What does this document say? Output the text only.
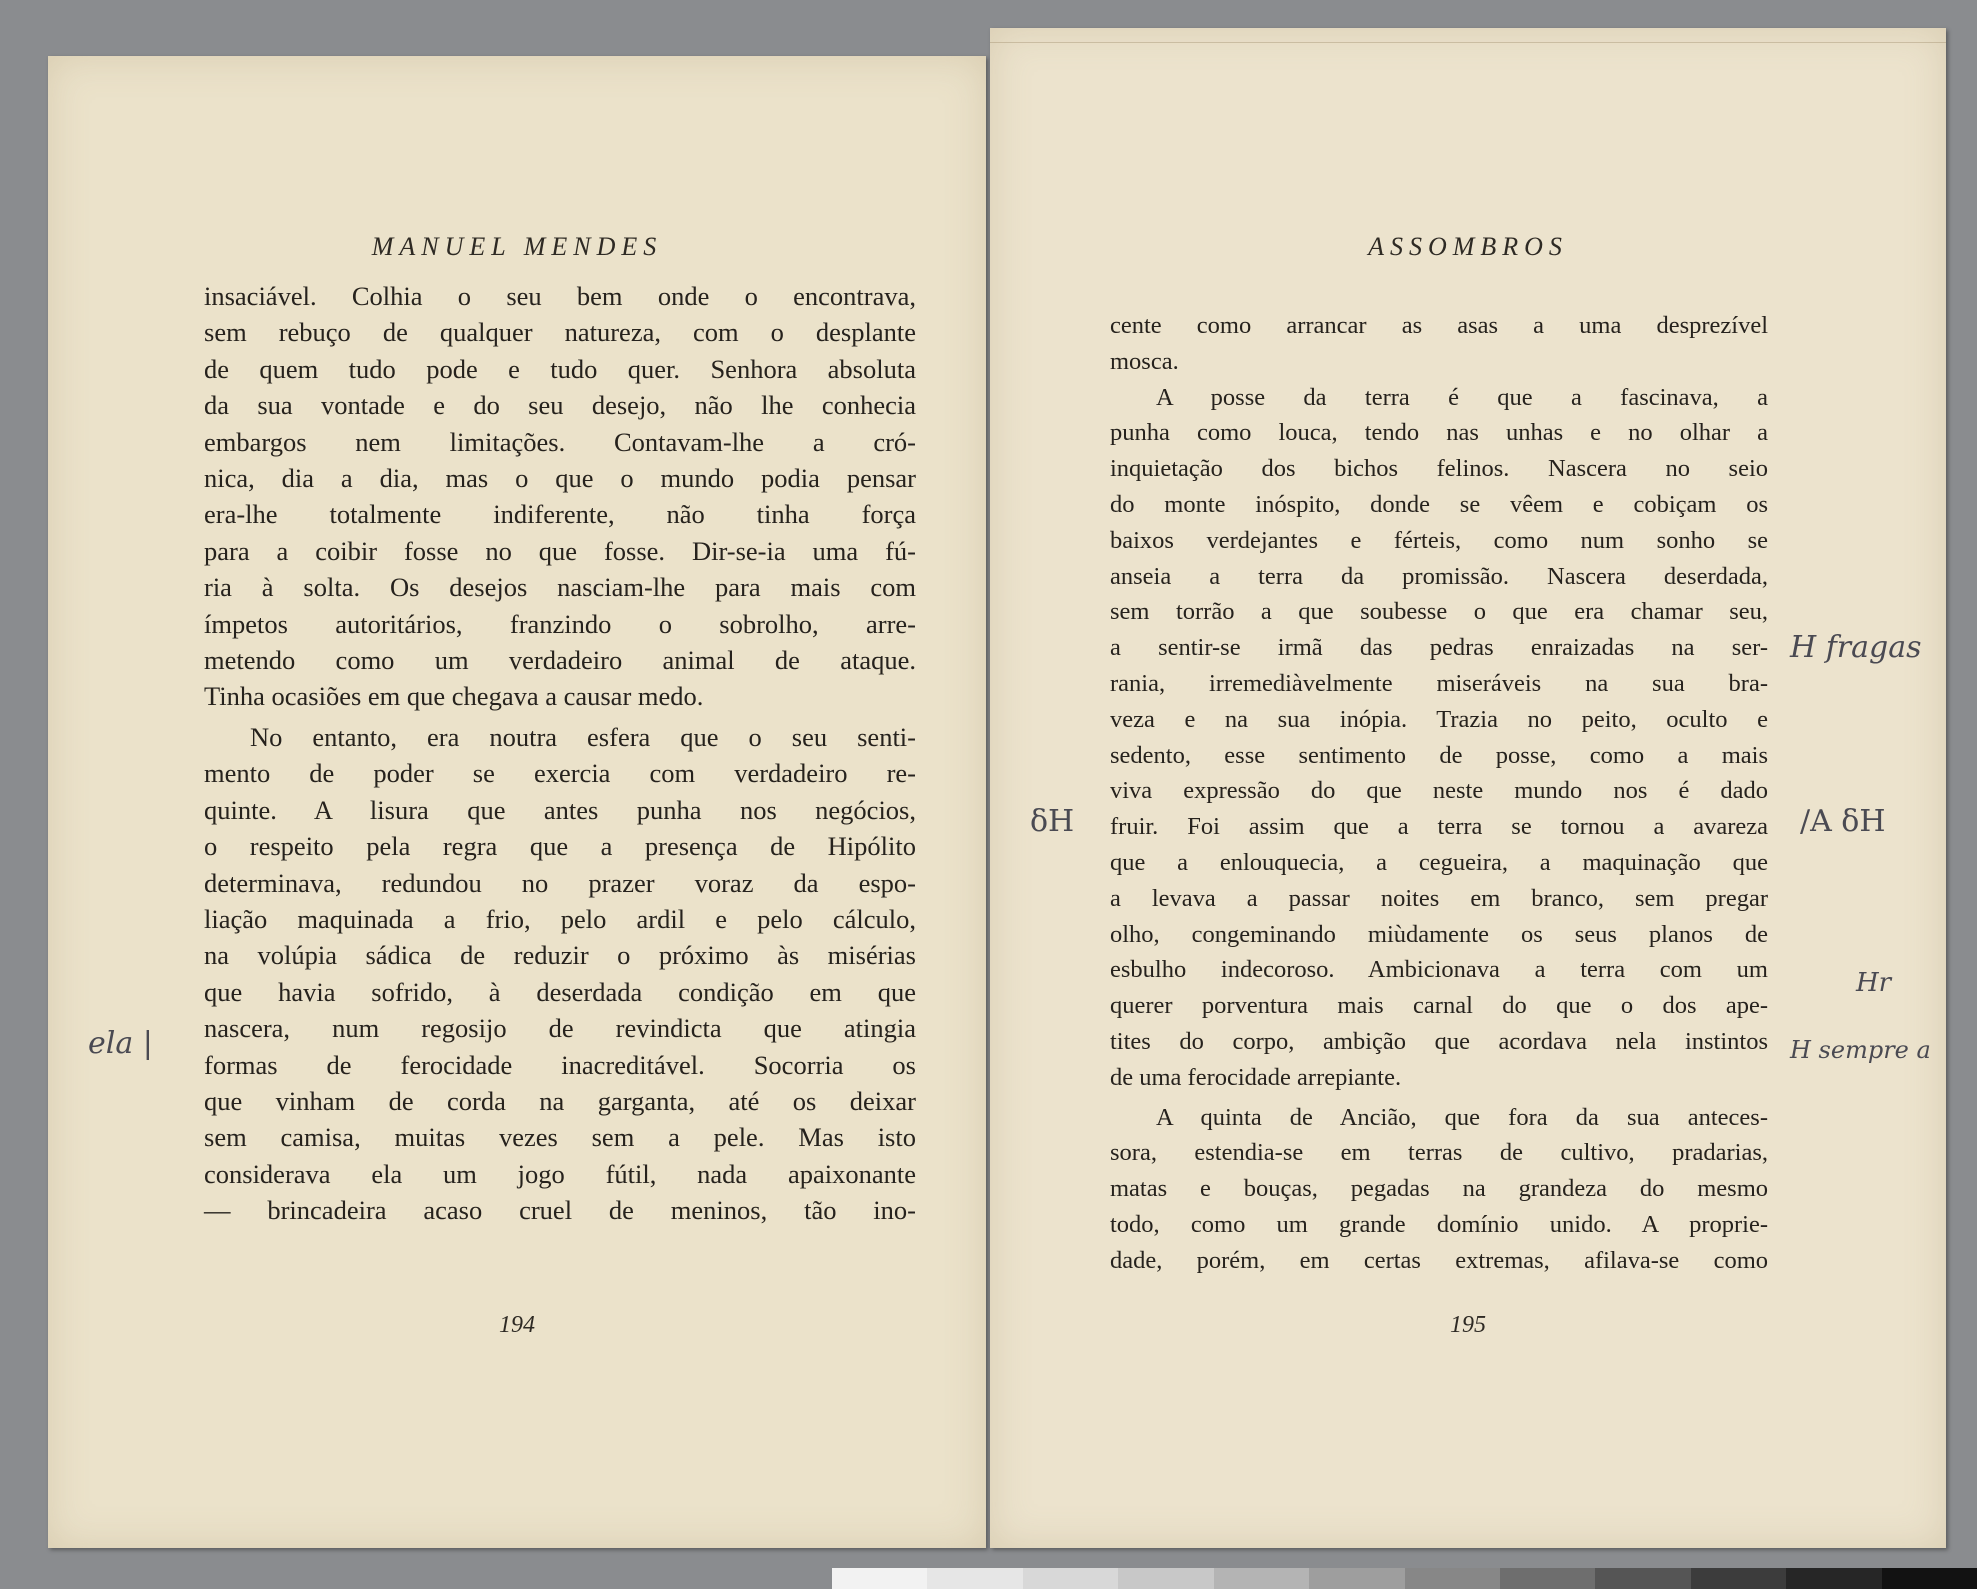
MANUEL MENDES

insaciável. Colhia o seu bem onde o encontrava,

sem rebuço de qualquer natureza, com o desplante

de quem tudo pode e tudo quer. Senhora absoluta

da sua vontade e do seu desejo, não lhe conhecia

embargos nem limitações. Contavam-lhe a cró-

nica, dia a dia, mas o que o mundo podia pensar

era-lhe totalmente indiferente, não tinha força

para a coibir fosse no que fosse. Dir-se-ia uma fú-

ria à solta. Os desejos nasciam-lhe para mais com

ímpetos autoritários, franzindo o sobrolho, arre-

metendo como um verdadeiro animal de ataque.

Tinha ocasiões em que chegava a causar medo.

No entanto, era noutra esfera que o seu senti-

mento de poder se exercia com verdadeiro re-

quinte. A lisura que antes punha nos negócios,

o respeito pela regra que a presença de Hipólito

determinava, redundou no prazer voraz da espo-

liação maquinada a frio, pelo ardil e pelo cálculo,

na volúpia sádica de reduzir o próximo às misérias

que havia sofrido, à deserdada condição em que

nascera, num regosijo de revindicta que atingia

formas de ferocidade inacreditável. Socorria os

que vinham de corda na garganta, até os deixar

sem camisa, muitas vezes sem a pele. Mas isto

considerava ela um jogo fútil, nada apaixonante

— brincadeira acaso cruel de meninos, tão ino-

ela |
194
ASSOMBROS

cente como arrancar as asas a uma desprezível

mosca.

A posse da terra é que a fascinava, a

punha como louca, tendo nas unhas e no olhar a

inquietação dos bichos felinos. Nascera no seio

do monte inóspito, donde se vêem e cobiçam os

baixos verdejantes e férteis, como num sonho se

anseia a terra da promissão. Nascera deserdada,

sem torrão a que soubesse o que era chamar seu,

a sentir-se irmã das pedras enraizadas na ser-

rania, irremediàvelmente miseráveis na sua bra-

veza e na sua inópia. Trazia no peito, oculto e

sedento, esse sentimento de posse, como a mais

viva expressão do que neste mundo nos é dado

fruir. Foi assim que a terra se tornou a avareza

que a enlouquecia, a cegueira, a maquinação que

a levava a passar noites em branco, sem pregar

olho, congeminando miùdamente os seus planos de

esbulho indecoroso. Ambicionava a terra com um

querer porventura mais carnal do que o dos ape-

tites do corpo, ambição que acordava nela instintos

de uma ferocidade arrepiante.

A quinta de Ancião, que fora da sua anteces-

sora, estendia-se em terras de cultivo, pradarias,

matas e bouças, pegadas na grandeza do mesmo

todo, como um grande domínio unido. A proprie-

dade, porém, em certas extremas, afilava-se como

H fragas
δH	/A δH
Hr
H sempre a
195
